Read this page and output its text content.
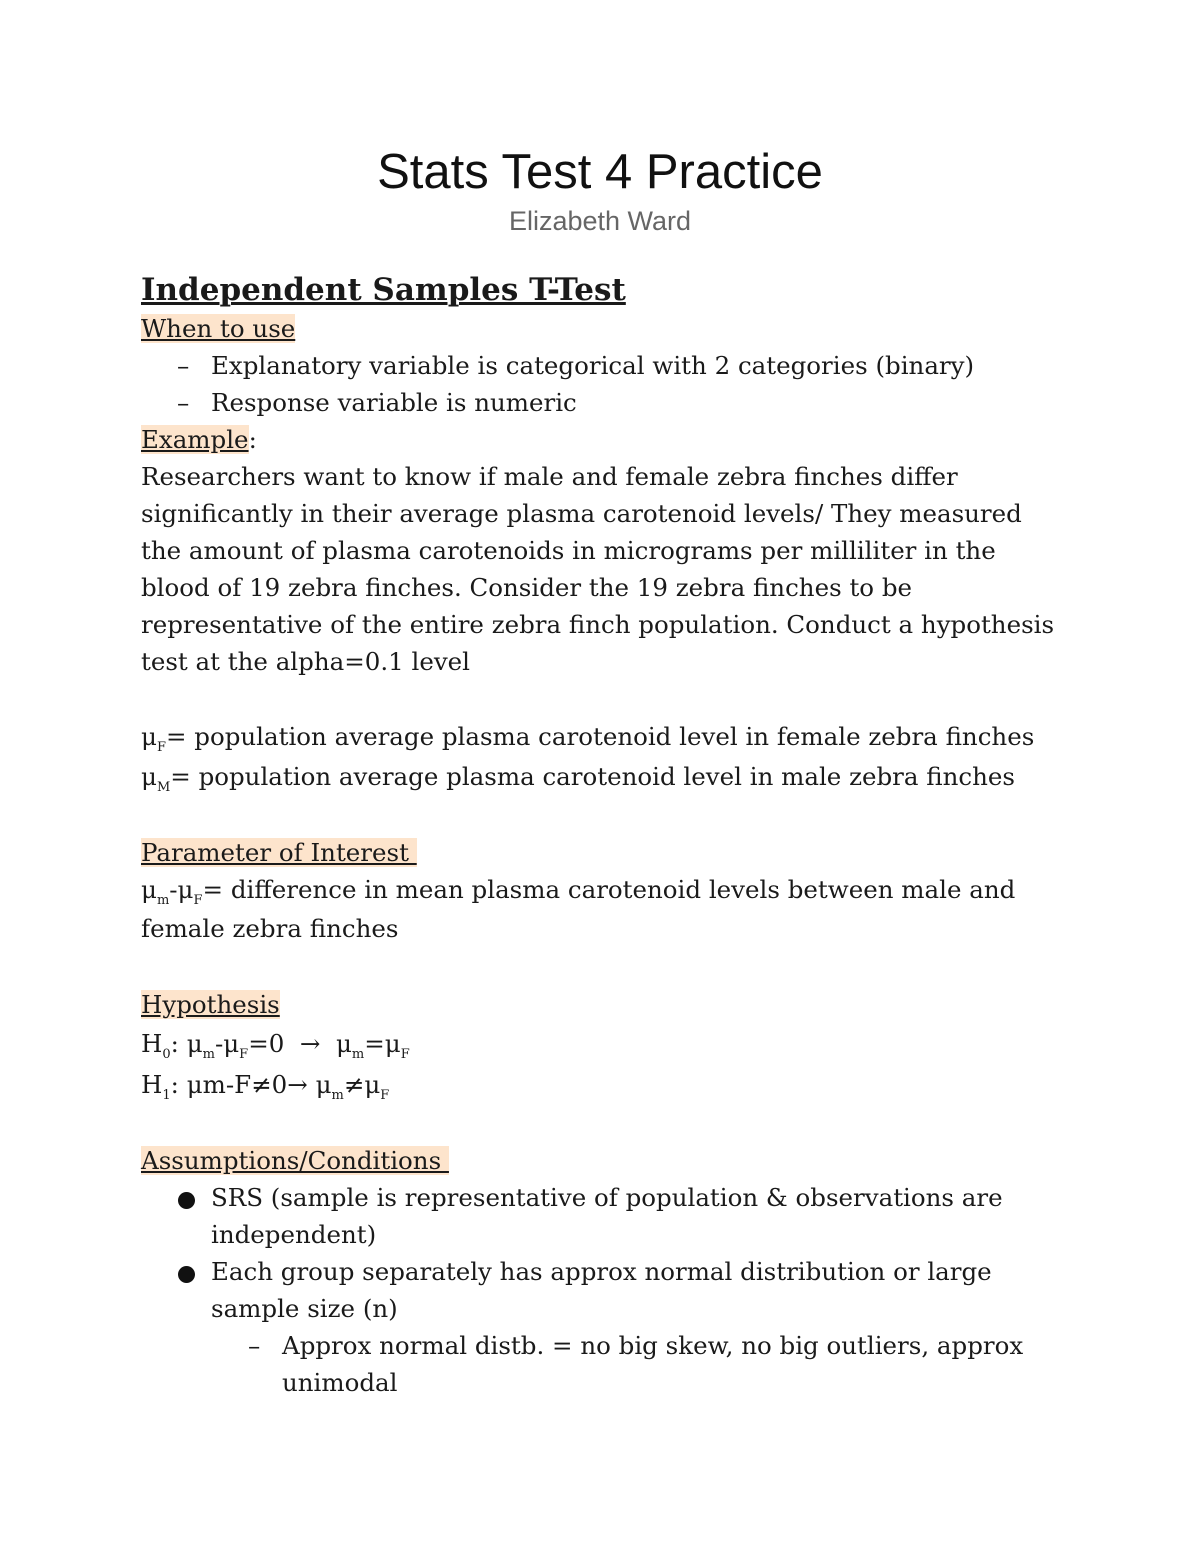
Stats Test 4 Practice
Elizabeth Ward

Independent Samples T-Test

When to use

– Explanatory variable is categorical with 2 categories (binary)

– Response variable is numeric

Example:

Researchers want to know if male and female zebra finches differ

significantly in their average plasma carotenoid levels/ They measured

the amount of plasma carotenoids in micrograms per milliliter in the

blood of 19 zebra finches. Consider the 19 zebra finches to be

representative of the entire zebra finch population. Conduct a hypothesis

test at the alpha=0.1 level

$\mu_F=$ population average plasma carotenoid level in female zebra finches

$\mu_M=$ population average plasma carotenoid level in male zebra finches

Parameter of Interest

$\mu_m-\mu_F=$ difference in mean plasma carotenoid levels between male and

female zebra finches

Hypothesis

$H_0$: $\mu_m-\mu_F=0 \to \mu_m=\mu_F$

$H_1$: $\mu m-F\ne 0\to \mu_m\ne\mu_F$

Assumptions/Conditions

SRS (sample is representative of population & observations are
independent)
Each group separately has approx normal distribution or large
sample size (n)
– Approx normal distb. = no big skew, no big outliers, approx
unimodal
